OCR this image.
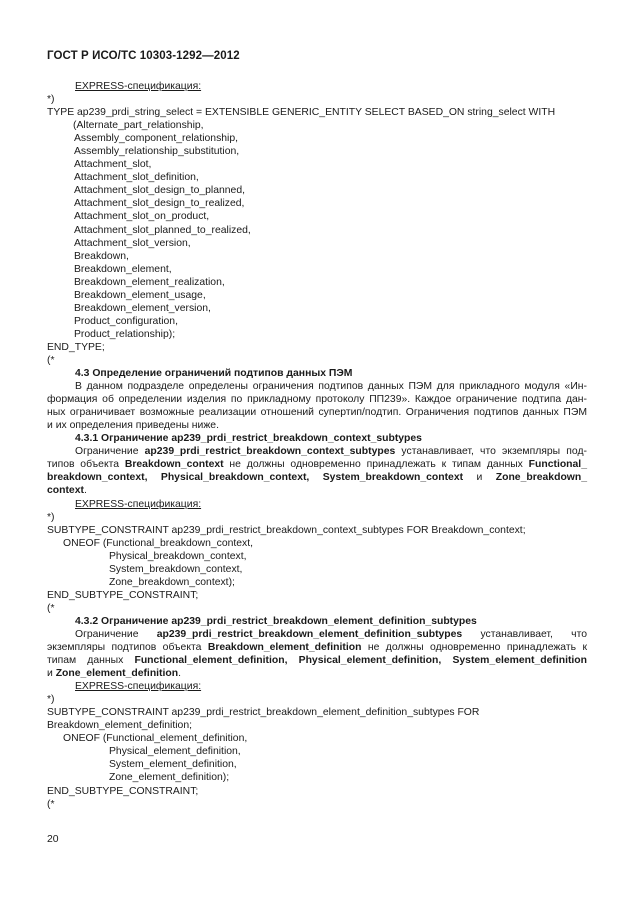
ГОСТ Р ИСО/ТС 10303-1292—2012
EXPRESS-спецификация:
*)
TYPE ap239_prdi_string_select = EXTENSIBLE GENERIC_ENTITY SELECT BASED_ON string_select WITH
(Alternate_part_relationship,
Assembly_component_relationship,
Assembly_relationship_substitution,
Attachment_slot,
Attachment_slot_definition,
Attachment_slot_design_to_planned,
Attachment_slot_design_to_realized,
Attachment_slot_on_product,
Attachment_slot_planned_to_realized,
Attachment_slot_version,
Breakdown,
Breakdown_element,
Breakdown_element_realization,
Breakdown_element_usage,
Breakdown_element_version,
Product_configuration,
Product_relationship);
END_TYPE;
(*
4.3 Определение ограничений подтипов данных ПЭМ
В данном подразделе определены ограничения подтипов данных ПЭМ для прикладного модуля «Ин-
формация об определении изделия по прикладному протоколу ПП239». Каждое ограничение подтипа дан-
ных ограничивает возможные реализации отношений супертип/подтип. Ограничения подтипов данных ПЭМ
и их определения приведены ниже.
4.3.1 Ограничение ap239_prdi_restrict_breakdown_context_subtypes
Ограничение ap239_prdi_restrict_breakdown_context_subtypes устанавливает, что экземпляры под-
типов объекта Breakdown_context не должны одновременно принадлежать к типам данных Functional_
breakdown_context, Physical_breakdown_context, System_breakdown_context и Zone_breakdown_
context.
EXPRESS-спецификация:
*)
SUBTYPE_CONSTRAINT ap239_prdi_restrict_breakdown_context_subtypes FOR Breakdown_context;
ONEOF (Functional_breakdown_context,
Physical_breakdown_context,
System_breakdown_context,
Zone_breakdown_context);
END_SUBTYPE_CONSTRAINT;
(*
4.3.2 Ограничение ap239_prdi_restrict_breakdown_element_definition_subtypes
Ограничение ap239_prdi_restrict_breakdown_element_definition_subtypes устанавливает, что
экземпляры подтипов объекта Breakdown_element_definition не должны одновременно принадлежать к
типам данных Functional_element_definition, Physical_element_definition, System_element_definition
и Zone_element_definition.
EXPRESS-спецификация:
*)
SUBTYPE_CONSTRAINT ap239_prdi_restrict_breakdown_element_definition_subtypes FOR
Breakdown_element_definition;
ONEOF (Functional_element_definition,
Physical_element_definition,
System_element_definition,
Zone_element_definition);
END_SUBTYPE_CONSTRAINT;
(*
20
